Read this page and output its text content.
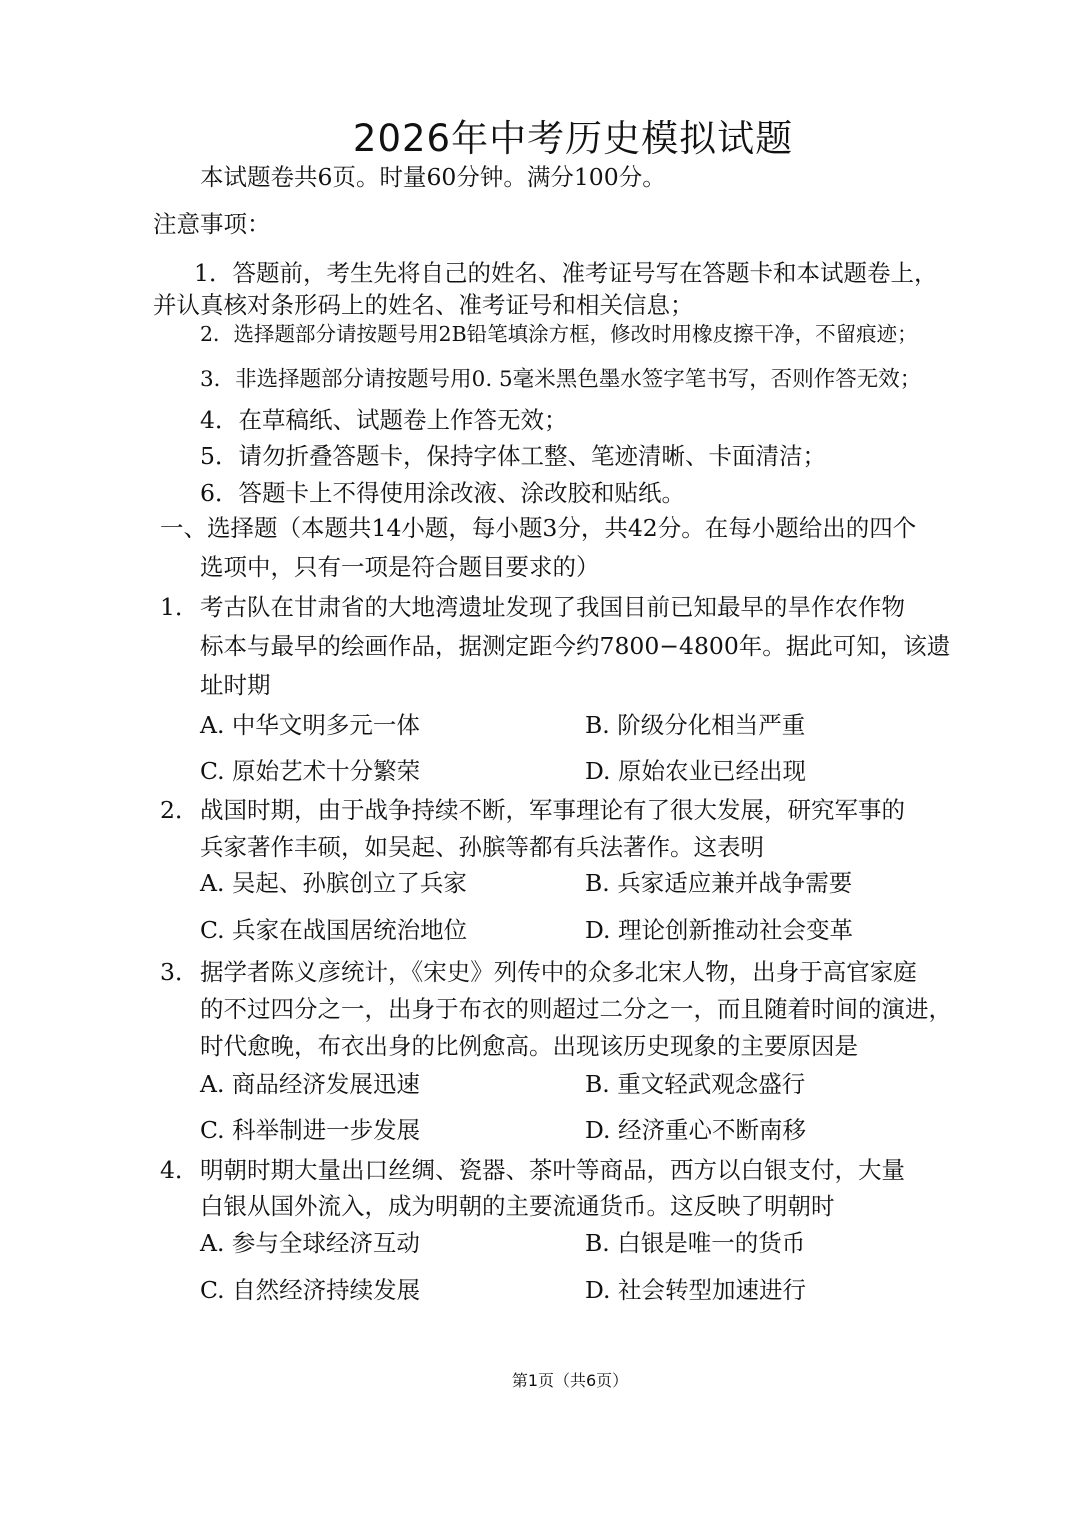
2026年中考历史模拟试题
本试题卷共6页。时量60分钟。满分100分。
注意事项：
1．答题前，考生先将自己的姓名、准考证号写在答题卡和本试题卷上，
并认真核对条形码上的姓名、准考证号和相关信息；
2．选择题部分请按题号用2B铅笔填涂方框，修改时用橡皮擦干净，不留痕迹；
3．非选择题部分请按题号用0. 5毫米黑色墨水签字笔书写，否则作答无效；
4．在草稿纸、试题卷上作答无效；
5．请勿折叠答题卡，保持字体工整、笔迹清晰、卡面清洁；
6．答题卡上不得使用涂改液、涂改胶和贴纸。
一、选择题（本题共14小题，每小题3分，共42分。在每小题给出的四个
选项中，只有一项是符合题目要求的）
1． 考古队在甘肃省的大地湾遗址发现了我国目前已知最早的旱作农作物
标本与最早的绘画作品，据测定距今约7800−4800年。据此可知，该遗
址时期
A. 中华文明多元一体	B. 阶级分化相当严重
C. 原始艺术十分繁荣	D. 原始农业已经出现
2． 战国时期，由于战争持续不断，军事理论有了很大发展，研究军事的
兵家著作丰硕，如吴起、孙膑等都有兵法著作。这表明
A. 吴起、孙膑创立了兵家	B. 兵家适应兼并战争需要
C. 兵家在战国居统治地位	D. 理论创新推动社会变革
3． 据学者陈义彦统计，《宋史》列传中的众多北宋人物，出身于高官家庭
的不过四分之一，出身于布衣的则超过二分之一，而且随着时间的演进，
时代愈晚，布衣出身的比例愈高。出现该历史现象的主要原因是
A. 商品经济发展迅速	B. 重文轻武观念盛行
C. 科举制进一步发展	D. 经济重心不断南移
4． 明朝时期大量出口丝绸、瓷器、茶叶等商品，西方以白银支付，大量
白银从国外流入，成为明朝的主要流通货币。这反映了明朝时
A. 参与全球经济互动	B. 白银是唯一的货币
C. 自然经济持续发展	D. 社会转型加速进行
第1页（共6页）
